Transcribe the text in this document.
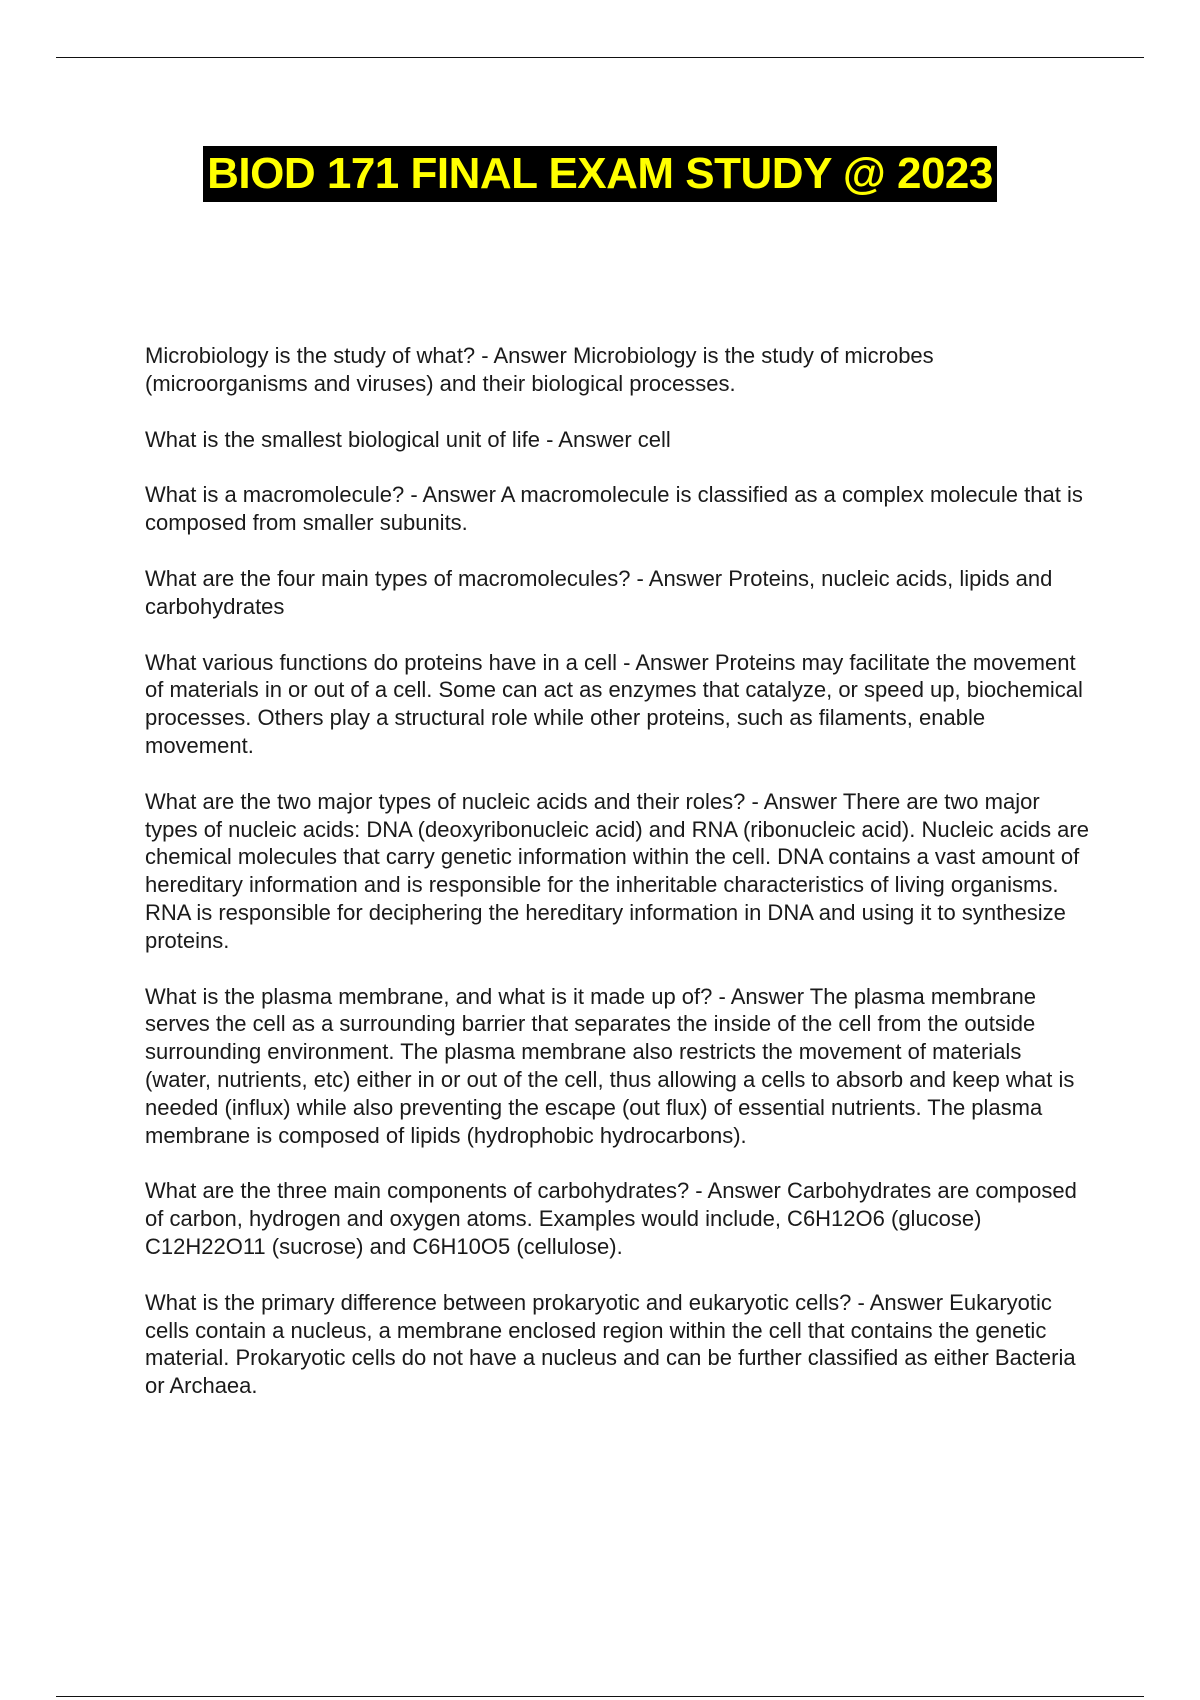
BIOD 171 FINAL EXAM STUDY @ 2023
Microbiology is the study of what? - Answer Microbiology is the study of microbes (microorganisms and viruses) and their biological processes.
What is the smallest biological unit of life - Answer cell
What is a macromolecule? - Answer A macromolecule is classified as a complex molecule that is composed from smaller subunits.
What are the four main types of macromolecules? - Answer Proteins, nucleic acids, lipids and carbohydrates
What various functions do proteins have in a cell - Answer Proteins may facilitate the movement of materials in or out of a cell. Some can act as enzymes that catalyze, or speed up, biochemical processes. Others play a structural role while other proteins, such as filaments, enable movement.
What are the two major types of nucleic acids and their roles? - Answer There are two major types of nucleic acids: DNA (deoxyribonucleic acid) and RNA (ribonucleic acid). Nucleic acids are chemical molecules that carry genetic information within the cell. DNA contains a vast amount of hereditary information and is responsible for the inheritable characteristics of living organisms. RNA is responsible for deciphering the hereditary information in DNA and using it to synthesize proteins.
What is the plasma membrane, and what is it made up of? - Answer The plasma membrane serves the cell as a surrounding barrier that separates the inside of the cell from the outside surrounding environment. The plasma membrane also restricts the movement of materials (water, nutrients, etc) either in or out of the cell, thus allowing a cells to absorb and keep what is needed (influx) while also preventing the escape (out flux) of essential nutrients. The plasma membrane is composed of lipids (hydrophobic hydrocarbons).
What are the three main components of carbohydrates? - Answer Carbohydrates are composed of carbon, hydrogen and oxygen atoms. Examples would include, C6H12O6 (glucose) C12H22O11 (sucrose) and C6H10O5 (cellulose).
What is the primary difference between prokaryotic and eukaryotic cells? - Answer Eukaryotic cells contain a nucleus, a membrane enclosed region within the cell that contains the genetic material. Prokaryotic cells do not have a nucleus and can be further classified as either Bacteria or Archaea.
